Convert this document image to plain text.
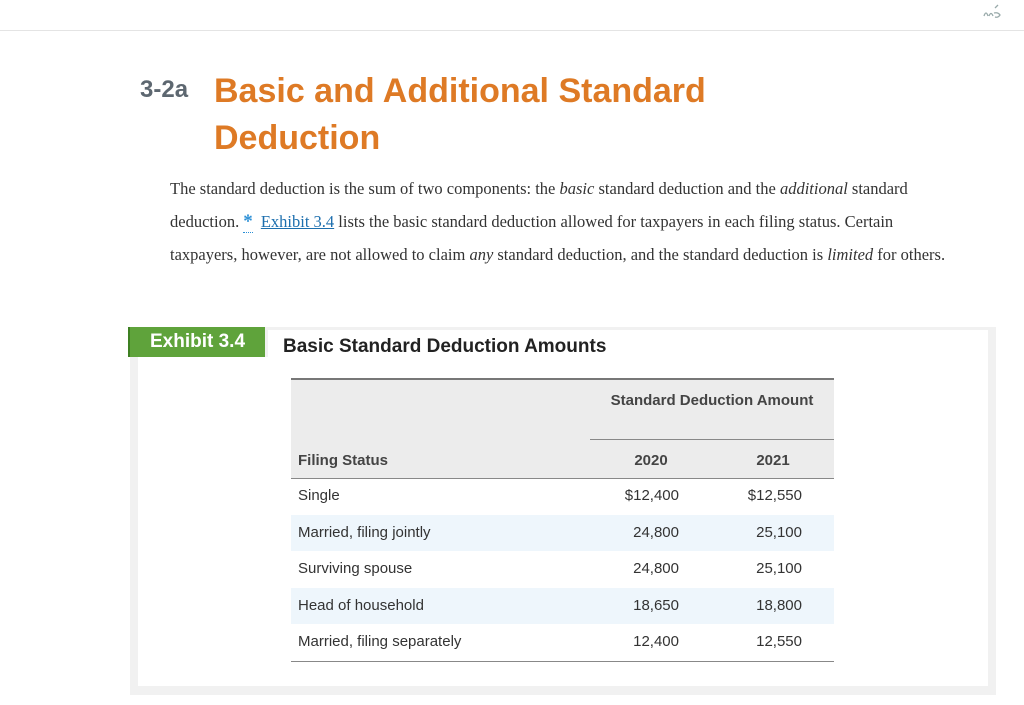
3-2a Basic and Additional Standard Deduction
The standard deduction is the sum of two components: the basic standard deduction and the additional standard deduction. * Exhibit 3.4 lists the basic standard deduction allowed for taxpayers in each filing status. Certain taxpayers, however, are not allowed to claim any standard deduction, and the standard deduction is limited for others.
Exhibit 3.4	Basic Standard Deduction Amounts
Standard Deduction Amount
Filing Status	2020	2021
Single	$12,400	$12,550
Married, filing jointly	24,800	25,100
Surviving spouse	24,800	25,100
Head of household	18,650	18,800
Married, filing separately	12,400	12,550
